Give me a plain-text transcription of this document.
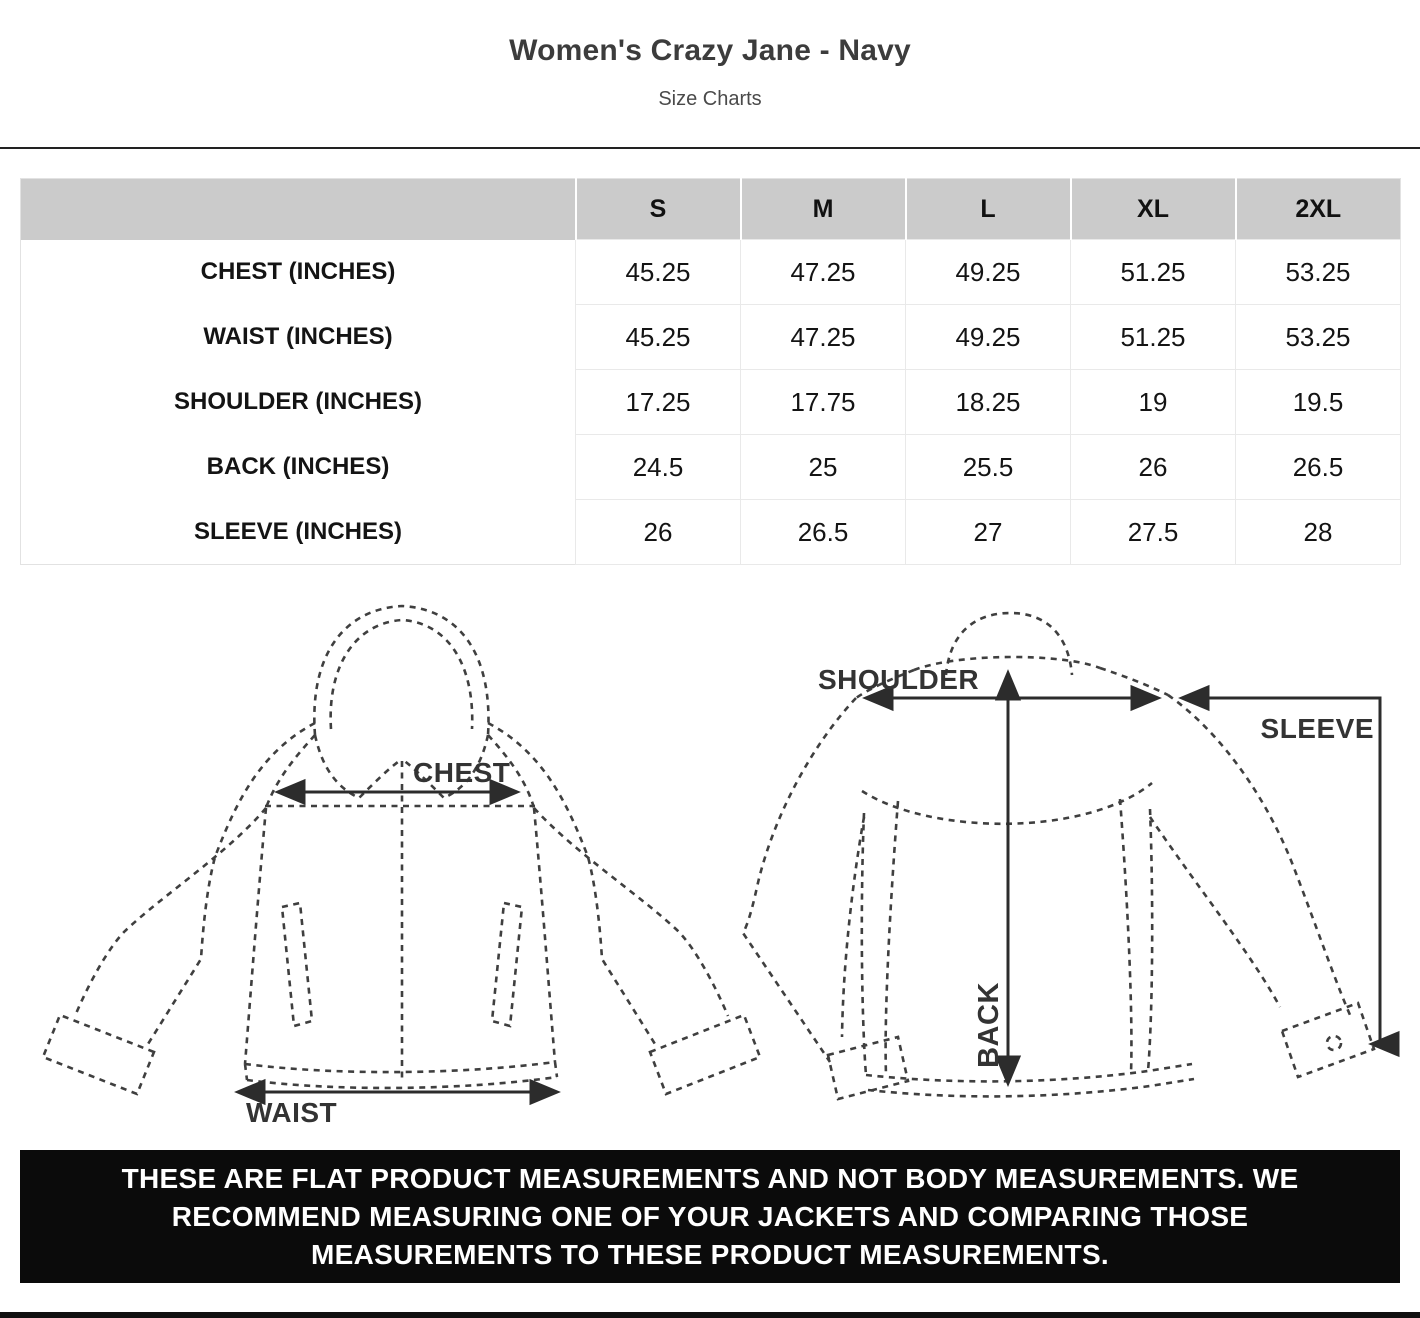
Women's Crazy Jane - Navy
Size Charts
	S	M	L	XL	2XL
CHEST (INCHES)	45.25	47.25	49.25	51.25	53.25
WAIST (INCHES)	45.25	47.25	49.25	51.25	53.25
SHOULDER (INCHES)	17.25	17.75	18.25	19	19.5
BACK (INCHES)	24.5	25	25.5	26	26.5
SLEEVE (INCHES)	26	26.5	27	27.5	28
CHEST
WAIST
SHOULDER
SLEEVE
BACK

THESE ARE FLAT PRODUCT MEASUREMENTS AND NOT BODY MEASUREMENTS. WE RECOMMEND MEASURING ONE OF YOUR JACKETS AND COMPARING THOSE MEASUREMENTS TO THESE PRODUCT MEASUREMENTS.
